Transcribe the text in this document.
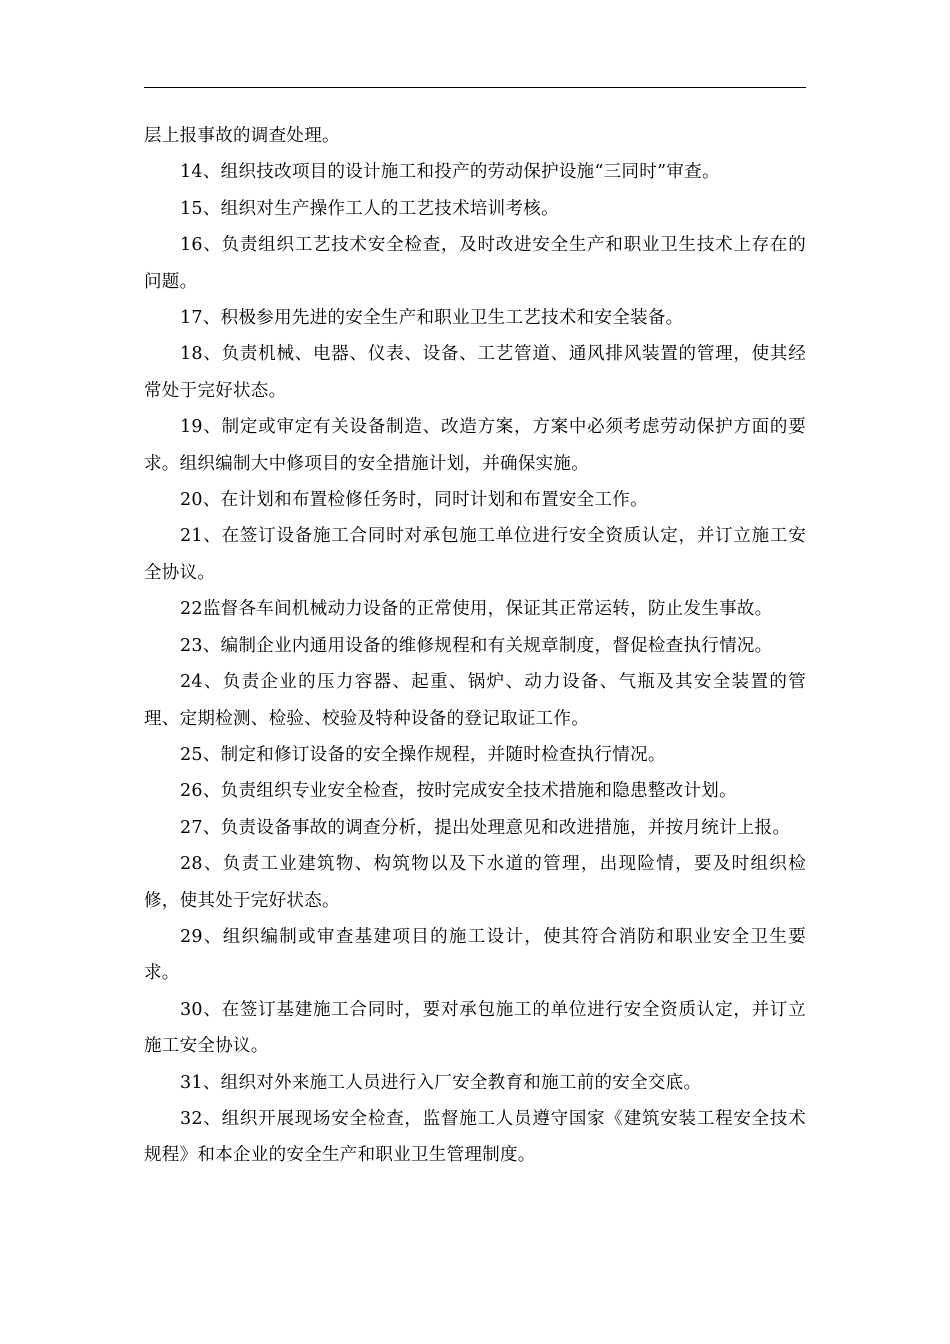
层上报事故的调查处理。

14、组织技改项目的设计施工和投产的劳动保护设施“三同时”审查。

15、组织对生产操作工人的工艺技术培训考核。

16、负责组织工艺技术安全检查，及时改进安全生产和职业卫生技术上存在的问题。

17、积极参用先进的安全生产和职业卫生工艺技术和安全装备。

18、负责机械、电器、仪表、设备、工艺管道、通风排风装置的管理，使其经常处于完好状态。

19、制定或审定有关设备制造、改造方案，方案中必须考虑劳动保护方面的要求。组织编制大中修项目的安全措施计划，并确保实施。

20、在计划和布置检修任务时，同时计划和布置安全工作。

21、在签订设备施工合同时对承包施工单位进行安全资质认定，并订立施工安全协议。

22监督各车间机械动力设备的正常使用，保证其正常运转，防止发生事故。

23、编制企业内通用设备的维修规程和有关规章制度，督促检查执行情况。

24、负责企业的压力容器、起重、锅炉、动力设备、气瓶及其安全装置的管理、定期检测、检验、校验及特种设备的登记取证工作。

25、制定和修订设备的安全操作规程，并随时检查执行情况。

26、负责组织专业安全检查，按时完成安全技术措施和隐患整改计划。

27、负责设备事故的调查分析，提出处理意见和改进措施，并按月统计上报。

28、负责工业建筑物、构筑物以及下水道的管理，出现险情，要及时组织检修，使其处于完好状态。

29、组织编制或审查基建项目的施工设计，使其符合消防和职业安全卫生要求。

30、在签订基建施工合同时，要对承包施工的单位进行安全资质认定，并订立施工安全协议。

31、组织对外来施工人员进行入厂安全教育和施工前的安全交底。

32、组织开展现场安全检查，监督施工人员遵守国家《建筑安装工程安全技术规程》和本企业的安全生产和职业卫生管理制度。
